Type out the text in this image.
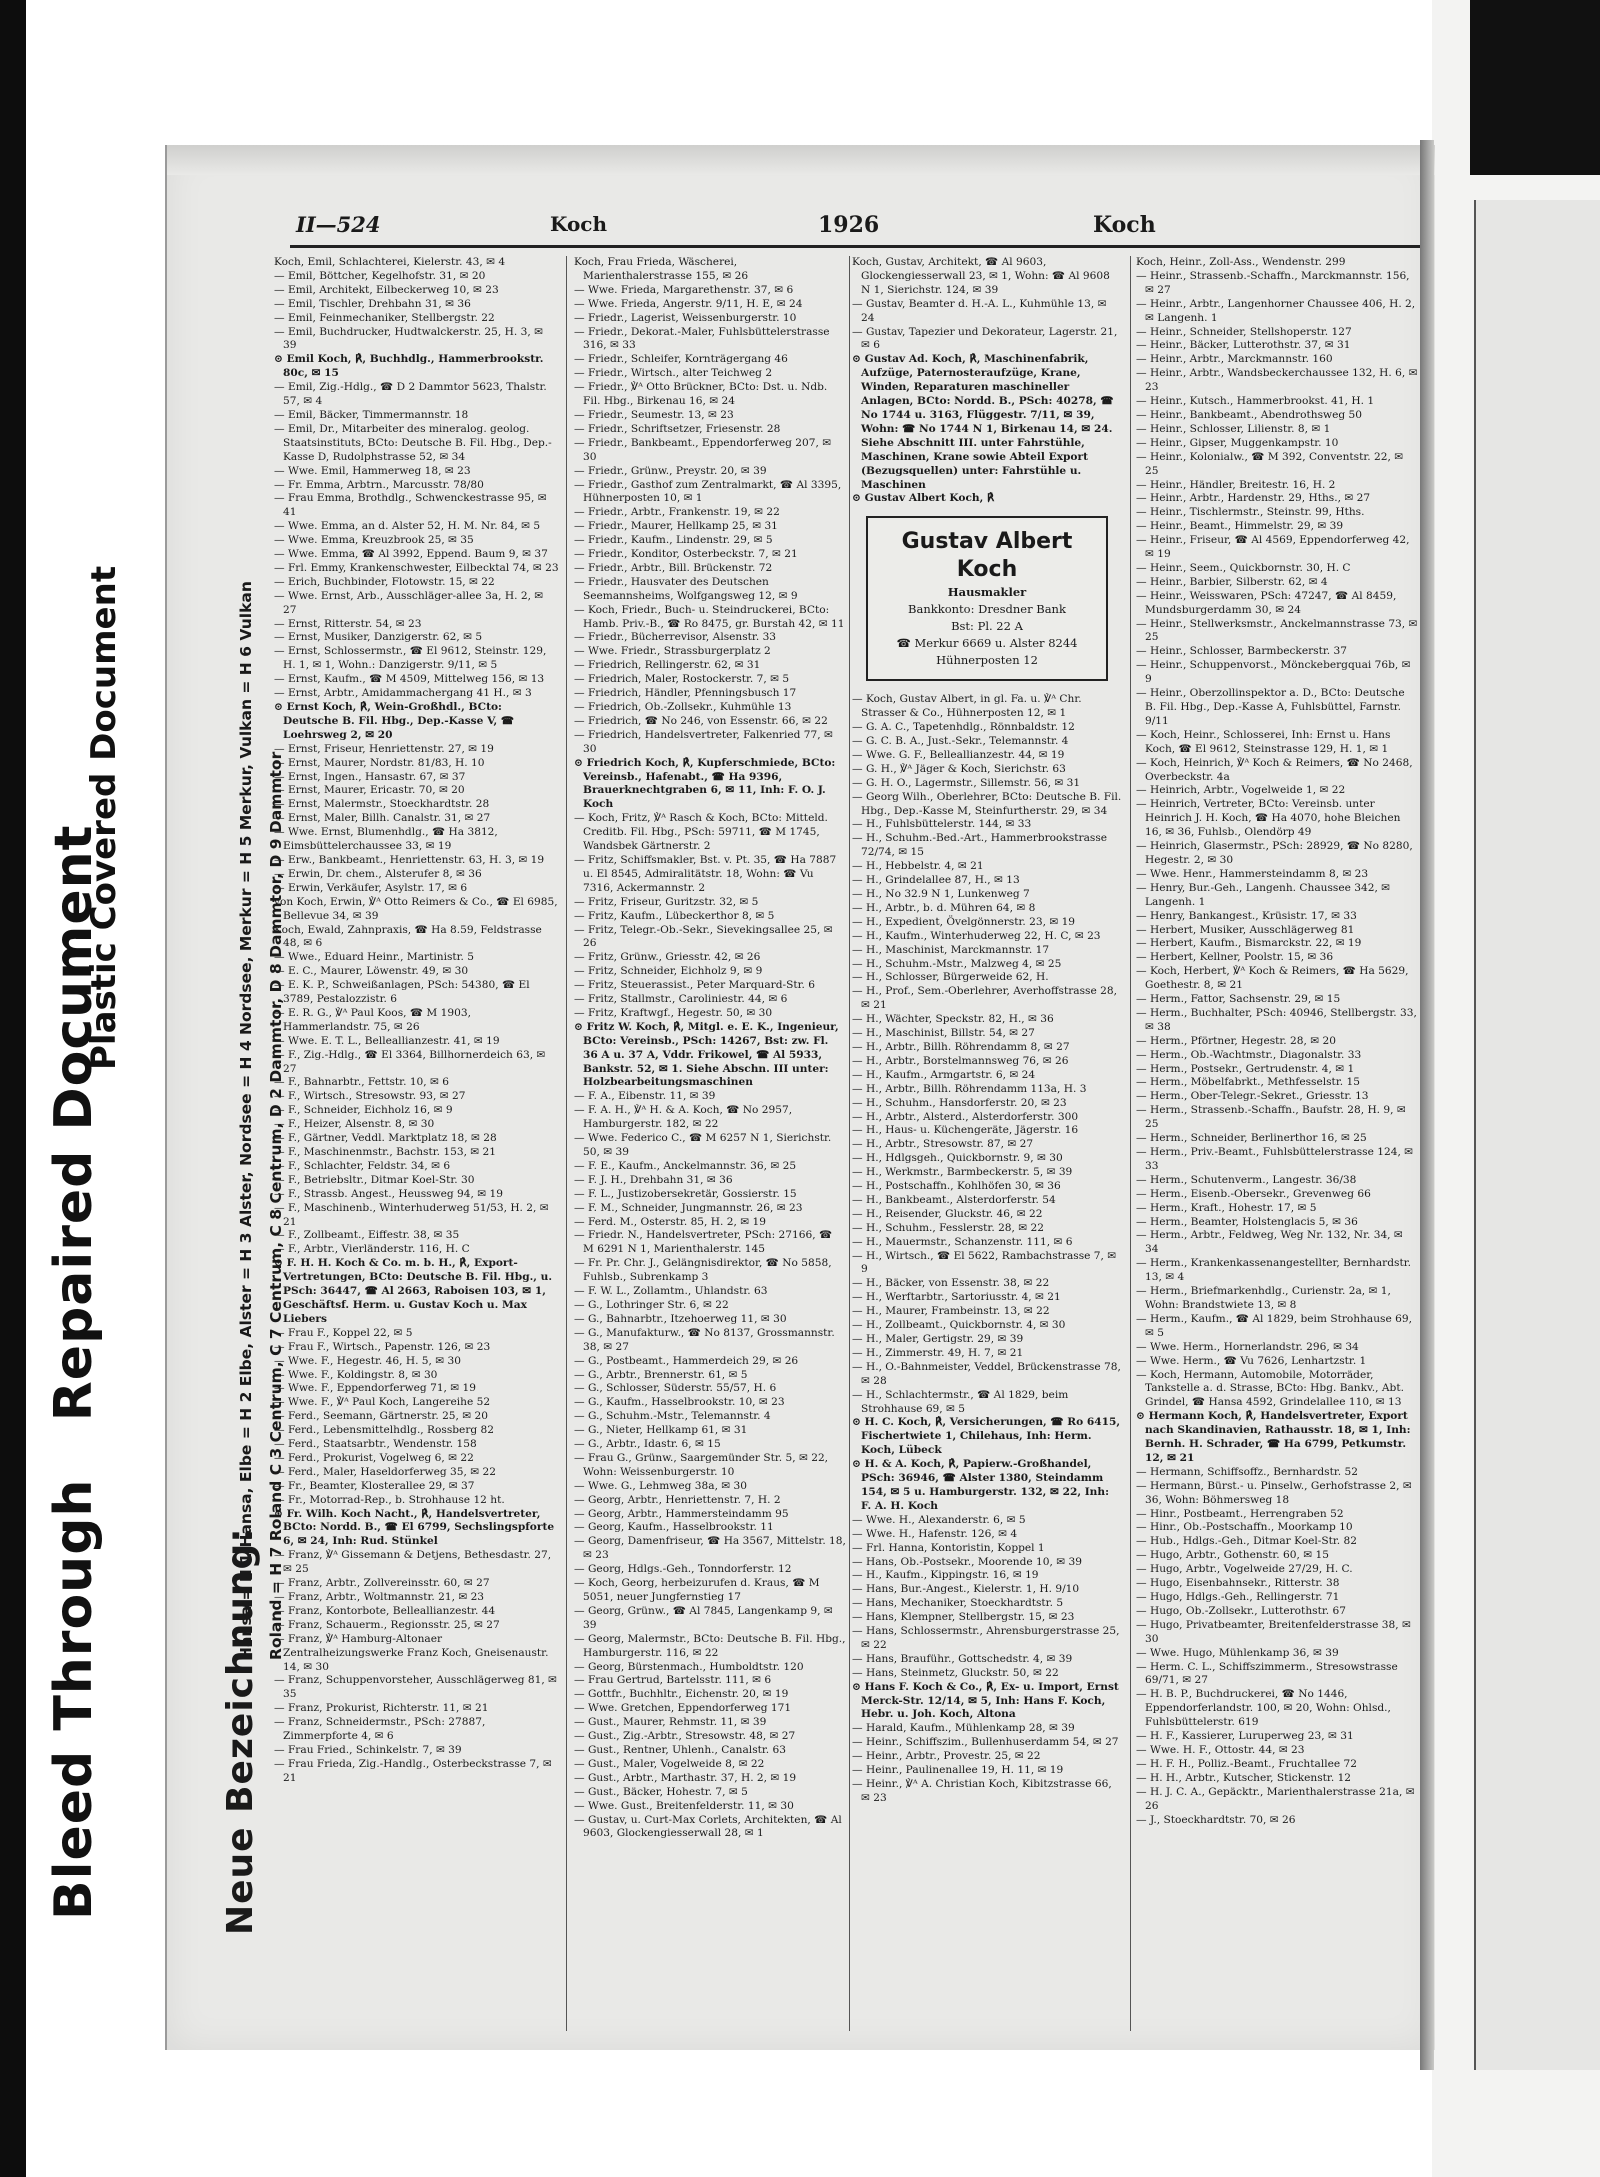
Bleed Through   Repaired Document
Plastic Covered Document
Neue Bezeichnung:
Hansa = H 1 Hansa, Elbe = H 2 Elbe, Alster = H 3 Alster, Nordsee = H 4 Nordsee, Merkur = H 5 Merkur, Vulkan = H 6 Vulkan Roland = H 7 Roland C 3 Centrum, C 7 Centrum, C 8 Centrum, D 2 Dammtor, D 8 Dammtor, D 9 Dammtor
II—524	Koch	1926	Koch

Koch, Emil, Schlachterei, Kielerstr. 43, ✉ 4

— Emil, Böttcher, Kegelhofstr. 31, ✉ 20

— Emil, Architekt, Eilbeckerweg 10, ✉ 23

— Emil, Tischler, Drehbahn 31, ✉ 36

— Emil, Feinmechaniker, Stellbergstr. 22

— Emil, Buchdrucker, Hudtwalckerstr. 25, H. 3, ✉ 39

⊙ Emil Koch, ℟, Buchhdlg., Hammerbrookstr. 80c, ✉ 15

— Emil, Zig.-Hdlg., ☎ D 2 Dammtor 5623, Thalstr. 57, ✉ 4

— Emil, Bäcker, Timmermannstr. 18

— Emil, Dr., Mitarbeiter des mineralog. geolog. Staatsinstituts, BCto: Deutsche B. Fil. Hbg., Dep.-Kasse D, Rudolphstrasse 52, ✉ 34

— Wwe. Emil, Hammerweg 18, ✉ 23

— Fr. Emma, Arbtrn., Marcusstr. 78/80

— Frau Emma, Brothdlg., Schwenckestrasse 95, ✉ 41

— Wwe. Emma, an d. Alster 52, H. M. Nr. 84, ✉ 5

— Wwe. Emma, Kreuzbrook 25, ✉ 35

— Wwe. Emma, ☎ Al 3992, Eppend. Baum 9, ✉ 37

— Frl. Emmy, Krankenschwester, Eilbecktal 74, ✉ 23

— Erich, Buchbinder, Flotowstr. 15, ✉ 22

— Wwe. Ernst, Arb., Ausschläger-allee 3a, H. 2, ✉ 27

— Ernst, Ritterstr. 54, ✉ 23

— Ernst, Musiker, Danzigerstr. 62, ✉ 5

— Ernst, Schlossermstr., ☎ El 9612, Steinstr. 129, H. 1, ✉ 1, Wohn.: Danzigerstr. 9/11, ✉ 5

— Ernst, Kaufm., ☎ M 4509, Mittelweg 156, ✉ 13

— Ernst, Arbtr., Amidammachergang 41 H., ✉ 3

⊙ Ernst Koch, ℟, Wein-Großhdl., BCto: Deutsche B. Fil. Hbg., Dep.-Kasse V, ☎ Loehrsweg 2, ✉ 20

— Ernst, Friseur, Henriettenstr. 27, ✉ 19

— Ernst, Maurer, Nordstr. 81/83, H. 10

— Ernst, Ingen., Hansastr. 67, ✉ 37

— Ernst, Maurer, Ericastr. 70, ✉ 20

— Ernst, Malermstr., Stoeckhardtstr. 28

— Ernst, Maler, Billh. Canalstr. 31, ✉ 27

— Wwe. Ernst, Blumenhdlg., ☎ Ha 3812, Eimsbüttelerchaussee 33, ✉ 19

— Erw., Bankbeamt., Henriettenstr. 63, H. 3, ✉ 19

— Erwin, Dr. chem., Alsterufer 8, ✉ 36

— Erwin, Verkäufer, Asylstr. 17, ✉ 6

von Koch, Erwin, ℣ᴬ Otto Reimers & Co., ☎ El 6985, Bellevue 34, ✉ 39

Koch, Ewald, Zahnpraxis, ☎ Ha 8.59, Feldstrasse 48, ✉ 6

— Wwe., Eduard Heinr., Martinistr. 5

— E. C., Maurer, Löwenstr. 49, ✉ 30

— E. K. P., Schweißanlagen, PSch: 54380, ☎ El 3789, Pestalozzistr. 6

— E. R. G., ℣ᴬ Paul Koos, ☎ M 1903, Hammerlandstr. 75, ✉ 26

— Wwe. E. T. L., Belleallianzestr. 41, ✉ 19

— F., Zig.-Hdlg., ☎ El 3364, Billhornerdeich 63, ✉ 27

— F., Bahnarbtr., Fettstr. 10, ✉ 6

— F., Wirtsch., Stresowstr. 93, ✉ 27

— F., Schneider, Eichholz 16, ✉ 9

— F., Heizer, Alsenstr. 8, ✉ 30

— F., Gärtner, Veddl. Marktplatz 18, ✉ 28

— F., Maschinenmstr., Bachstr. 153, ✉ 21

— F., Schlachter, Feldstr. 34, ✉ 6

— F., Betriebsltr., Ditmar Koel-Str. 30

— F., Strassb. Angest., Heussweg 94, ✉ 19

— F., Maschinenb., Winterhuderweg 51/53, H. 2, ✉ 21

— F., Zollbeamt., Eiffestr. 38, ✉ 35

— F., Arbtr., Vierländerstr. 116, H. C

⊙ F. H. H. Koch & Co. m. b. H., ℟, Export-Vertretungen, BCto: Deutsche B. Fil. Hbg., u. PSch: 36447, ☎ Al 2663, Raboisen 103, ✉ 1, Geschäftsf. Herm. u. Gustav Koch u. Max Liebers

— Frau F., Koppel 22, ✉ 5

— Frau F., Wirtsch., Papenstr. 126, ✉ 23

— Wwe. F., Hegestr. 46, H. 5, ✉ 30

— Wwe. F., Koldingstr. 8, ✉ 30

— Wwe. F., Eppendorferweg 71, ✉ 19

— Wwe. F., ℣ᴬ Paul Koch, Langereihe 52

— Ferd., Seemann, Gärtnerstr. 25, ✉ 20

— Ferd., Lebensmittelhdlg., Rossberg 82

— Ferd., Staatsarbtr., Wendenstr. 158

— Ferd., Prokurist, Vogelweg 6, ✉ 22

— Ferd., Maler, Haseldorferweg 35, ✉ 22

— Fr., Beamter, Klosterallee 29, ✉ 37

— Fr., Motorrad-Rep., b. Strohhause 12 ht.

⊙ Fr. Wilh. Koch Nacht., ℟, Handelsvertreter, BCto: Nordd. B., ☎ El 6799, Sechslingspforte 6, ✉ 24, Inh: Rud. Stünkel

— Franz, ℣ᴬ Gissemann & Detjens, Bethesdastr. 27, ✉ 25

— Franz, Arbtr., Zollvereinsstr. 60, ✉ 27

— Franz, Arbtr., Woltmannstr. 21, ✉ 23

— Franz, Kontorbote, Belleallianzestr. 44

— Franz, Schauerm., Regionsstr. 25, ✉ 27

— Franz, ℣ᴬ Hamburg-Altonaer Zentralheizungswerke Franz Koch, Gneisenaustr. 14, ✉ 30

— Franz, Schuppenvorsteher, Ausschlägerweg 81, ✉ 35

— Franz, Prokurist, Richterstr. 11, ✉ 21

— Franz, Schneidermstr., PSch: 27887, Zimmerpforte 4, ✉ 6

— Frau Fried., Schinkelstr. 7, ✉ 39

— Frau Frieda, Zig.-Handlg., Osterbeckstrasse 7, ✉ 21

Koch, Frau Frieda, Wäscherei, Marienthalerstrasse 155, ✉ 26

— Wwe. Frieda, Margarethenstr. 37, ✉ 6

— Wwe. Frieda, Angerstr. 9/11, H. E, ✉ 24

— Friedr., Lagerist, Weissenburgerstr. 10

— Friedr., Dekorat.-Maler, Fuhlsbüttelerstrasse 316, ✉ 33

— Friedr., Schleifer, Kornträgergang 46

— Friedr., Wirtsch., alter Teichweg 2

— Friedr., ℣ᴬ Otto Brückner, BCto: Dst. u. Ndb. Fil. Hbg., Birkenau 16, ✉ 24

— Friedr., Seumestr. 13, ✉ 23

— Friedr., Schriftsetzer, Friesenstr. 28

— Friedr., Bankbeamt., Eppendorferweg 207, ✉ 30

— Friedr., Grünw., Preystr. 20, ✉ 39

— Friedr., Gasthof zum Zentralmarkt, ☎ Al 3395, Hühnerposten 10, ✉ 1

— Friedr., Arbtr., Frankenstr. 19, ✉ 22

— Friedr., Maurer, Hellkamp 25, ✉ 31

— Friedr., Kaufm., Lindenstr. 29, ✉ 5

— Friedr., Konditor, Osterbeckstr. 7, ✉ 21

— Friedr., Arbtr., Bill. Brückenstr. 72

— Friedr., Hausvater des Deutschen Seemannsheims, Wolfgangsweg 12, ✉ 9

— Koch, Friedr., Buch- u. Steindruckerei, BCto: Hamb. Priv.-B., ☎ Ro 8475, gr. Burstah 42, ✉ 11

— Friedr., Bücherrevisor, Alsenstr. 33

— Wwe. Friedr., Strassburgerplatz 2

— Friedrich, Rellingerstr. 62, ✉ 31

— Friedrich, Maler, Rostockerstr. 7, ✉ 5

— Friedrich, Händler, Pfenningsbusch 17

— Friedrich, Ob.-Zollsekr., Kuhmühle 13

— Friedrich, ☎ No 246, von Essenstr. 66, ✉ 22

— Friedrich, Handelsvertreter, Falkenried 77, ✉ 30

⊙ Friedrich Koch, ℟, Kupferschmiede, BCto: Vereinsb., Hafenabt., ☎ Ha 9396, Brauerknechtgraben 6, ✉ 11, Inh: F. O. J. Koch

— Koch, Fritz, ℣ᴬ Rasch & Koch, BCto: Mitteld. Creditb. Fil. Hbg., PSch: 59711, ☎ M 1745, Wandsbek Gärtnerstr. 2

— Fritz, Schiffsmakler, Bst. v. Pt. 35, ☎ Ha 7887 u. El 8545, Admiralitätstr. 18, Wohn: ☎ Vu 7316, Ackermannstr. 2

— Fritz, Friseur, Guritzstr. 32, ✉ 5

— Fritz, Kaufm., Lübeckerthor 8, ✉ 5

— Fritz, Telegr.-Ob.-Sekr., Sievekingsallee 25, ✉ 26

— Fritz, Grünw., Griesstr. 42, ✉ 26

— Fritz, Schneider, Eichholz 9, ✉ 9

— Fritz, Steuerassist., Peter Marquard-Str. 6

— Fritz, Stallmstr., Caroliniestr. 44, ✉ 6

— Fritz, Kraftwgf., Hegestr. 50, ✉ 30

⊙ Fritz W. Koch, ℟, Mitgl. e. E. K., Ingenieur, BCto: Vereinsb., PSch: 14267, Bst: zw. Fl. 36 A u. 37 A, Vddr. Frikowel, ☎ Al 5933, Bankstr. 52, ✉ 1. Siehe Abschn. III unter: Holzbearbeitungsmaschinen

— F. A., Eibenstr. 11, ✉ 39

— F. A. H., ℣ᴬ H. & A. Koch, ☎ No 2957, Hamburgerstr. 182, ✉ 22

— Wwe. Federico C., ☎ M 6257 N 1, Sierichstr. 50, ✉ 39

— F. E., Kaufm., Anckelmannstr. 36, ✉ 25

— F. J. H., Drehbahn 31, ✉ 36

— F. L., Justizobersekretär, Gossierstr. 15

— F. M., Schneider, Jungmannstr. 26, ✉ 23

— Ferd. M., Osterstr. 85, H. 2, ✉ 19

— Friedr. N., Handelsvertreter, PSch: 27166, ☎ M 6291 N 1, Marienthalerstr. 145

— Fr. Pr. Chr. J., Gelängnisdirektor, ☎ No 5858, Fuhlsb., Subrenkamp 3

— F. W. L., Zollamtm., Uhlandstr. 63

— G., Lothringer Str. 6, ✉ 22

— G., Bahnarbtr., Itzehoerweg 11, ✉ 30

— G., Manufakturw., ☎ No 8137, Grossmannstr. 38, ✉ 27

— G., Postbeamt., Hammerdeich 29, ✉ 26

— G., Arbtr., Brennerstr. 61, ✉ 5

— G., Schlosser, Süderstr. 55/57, H. 6

— G., Kaufm., Hasselbrookstr. 10, ✉ 23

— G., Schuhm.-Mstr., Telemannstr. 4

— G., Nieter, Hellkamp 61, ✉ 31

— G., Arbtr., Idastr. 6, ✉ 15

— Frau G., Grünw., Saargemünder Str. 5, ✉ 22, Wohn: Weissenburgerstr. 10

— Wwe. G., Lehmweg 38a, ✉ 30

— Georg, Arbtr., Henriettenstr. 7, H. 2

— Georg, Arbtr., Hammersteindamm 95

— Georg, Kaufm., Hasselbrookstr. 11

— Georg, Damenfriseur, ☎ Ha 3567, Mittelstr. 18, ✉ 23

— Georg, Hdlgs.-Geh., Tonndorferstr. 12

— Koch, Georg, herbeizurufen d. Kraus, ☎ M 5051, neuer Jungfernstieg 17

— Georg, Grünw., ☎ Al 7845, Langenkamp 9, ✉ 39

— Georg, Malermstr., BCto: Deutsche B. Fil. Hbg., Hamburgerstr. 116, ✉ 22

— Georg, Bürstenmach., Humboldtstr. 120

— Frau Gertrud, Bartelsstr. 111, ✉ 6

— Gottfr., Buchhltr., Eichenstr. 20, ✉ 19

— Wwe. Gretchen, Eppendorferweg 171

— Gust., Maurer, Rehmstr. 11, ✉ 39

— Gust., Zig.-Arbtr., Stresowstr. 48, ✉ 27

— Gust., Rentner, Uhlenh., Canalstr. 63

— Gust., Maler, Vogelweide 8, ✉ 22

— Gust., Arbtr., Marthastr. 37, H. 2, ✉ 19

— Gust., Bäcker, Hohestr. 7, ✉ 5

— Wwe. Gust., Breitenfelderstr. 11, ✉ 30

— Gustav, u. Curt-Max Corlets, Architekten, ☎ Al 9603, Glockengiesserwall 28, ✉ 1

Koch, Gustav, Architekt, ☎ Al 9603, Glockengiesserwall 23, ✉ 1, Wohn: ☎ Al 9608 N 1, Sierichstr. 124, ✉ 39

— Gustav, Beamter d. H.-A. L., Kuhmühle 13, ✉ 24

— Gustav, Tapezier und Dekorateur, Lagerstr. 21, ✉ 6

⊙ Gustav Ad. Koch, ℟, Maschinenfabrik, Aufzüge, Paternosteraufzüge, Krane, Winden, Reparaturen maschineller Anlagen, BCto: Nordd. B., PSch: 40278, ☎ No 1744 u. 3163, Flüggestr. 7/11, ✉ 39, Wohn: ☎ No 1744 N 1, Birkenau 14, ✉ 24. Siehe Abschnitt III. unter Fahrstühle, Maschinen, Krane sowie Abteil Export (Bezugsquellen) unter: Fahrstühle u. Maschinen

⊙ Gustav Albert Koch, ℟

Gustav Albert Koch
Hausmakler
Bankkonto: Dresdner Bank
Bst: Pl. 22 A
☎ Merkur 6669 u. Alster 8244
Hühnerposten 12

— Koch, Gustav Albert, in gl. Fa. u. ℣ᴬ Chr. Strasser & Co., Hühnerposten 12, ✉ 1

— G. A. C., Tapetenhdlg., Rönnbaldstr. 12

— G. C. B. A., Just.-Sekr., Telemannstr. 4

— Wwe. G. F., Belleallianzestr. 44, ✉ 19

— G. H., ℣ᴬ Jäger & Koch, Sierichstr. 63

— G. H. O., Lagermstr., Sillemstr. 56, ✉ 31

— Georg Wilh., Oberlehrer, BCto: Deutsche B. Fil. Hbg., Dep.-Kasse M, Steinfurtherstr. 29, ✉ 34

— H., Fuhlsbüttelerstr. 144, ✉ 33

— H., Schuhm.-Bed.-Art., Hammerbrookstrasse 72/74, ✉ 15

— H., Hebbelstr. 4, ✉ 21

— H., Grindelallee 87, H., ✉ 13

— H., No 32.9 N 1, Lunkenweg 7

— H., Arbtr., b. d. Mühren 64, ✉ 8

— H., Expedient, Övelgönnerstr. 23, ✉ 19

— H., Kaufm., Winterhuderweg 22, H. C, ✉ 23

— H., Maschinist, Marckmannstr. 17

— H., Schuhm.-Mstr., Malzweg 4, ✉ 25

— H., Schlosser, Bürgerweide 62, H.

— H., Prof., Sem.-Oberlehrer, Averhoffstrasse 28, ✉ 21

— H., Wächter, Speckstr. 82, H., ✉ 36

— H., Maschinist, Billstr. 54, ✉ 27

— H., Arbtr., Billh. Röhrendamm 8, ✉ 27

— H., Arbtr., Borstelmannsweg 76, ✉ 26

— H., Kaufm., Armgartstr. 6, ✉ 24

— H., Arbtr., Billh. Röhrendamm 113a, H. 3

— H., Schuhm., Hansdorferstr. 20, ✉ 23

— H., Arbtr., Alsterd., Alsterdorferstr. 300

— H., Haus- u. Küchengeräte, Jägerstr. 16

— H., Arbtr., Stresowstr. 87, ✉ 27

— H., Hdlgsgeh., Quickbornstr. 9, ✉ 30

— H., Werkmstr., Barmbeckerstr. 5, ✉ 39

— H., Postschaffn., Kohlhöfen 30, ✉ 36

— H., Bankbeamt., Alsterdorferstr. 54

— H., Reisender, Gluckstr. 46, ✉ 22

— H., Schuhm., Fesslerstr. 28, ✉ 22

— H., Mauermstr., Schanzenstr. 111, ✉ 6

— H., Wirtsch., ☎ El 5622, Rambachstrasse 7, ✉ 9

— H., Bäcker, von Essenstr. 38, ✉ 22

— H., Werftarbtr., Sartoriusstr. 4, ✉ 21

— H., Maurer, Frambeinstr. 13, ✉ 22

— H., Zollbeamt., Quickbornstr. 4, ✉ 30

— H., Maler, Gertigstr. 29, ✉ 39

— H., Zimmerstr. 49, H. 7, ✉ 21

— H., O.-Bahnmeister, Veddel, Brückenstrasse 78, ✉ 28

— H., Schlachtermstr., ☎ Al 1829, beim Strohhause 69, ✉ 5

⊙ H. C. Koch, ℟, Versicherungen, ☎ Ro 6415, Fischertwiete 1, Chilehaus, Inh: Herm. Koch, Lübeck

⊙ H. & A. Koch, ℟, Papierw.-Großhandel, PSch: 36946, ☎ Alster 1380, Steindamm 154, ✉ 5 u. Hamburgerstr. 132, ✉ 22, Inh: F. A. H. Koch

— Wwe. H., Alexanderstr. 6, ✉ 5

— Wwe. H., Hafenstr. 126, ✉ 4

— Frl. Hanna, Kontoristin, Koppel 1

— Hans, Ob.-Postsekr., Moorende 10, ✉ 39

— H., Kaufm., Kippingstr. 16, ✉ 19

— Hans, Bur.-Angest., Kielerstr. 1, H. 9/10

— Hans, Mechaniker, Stoeckhardtstr. 5

— Hans, Klempner, Stellbergstr. 15, ✉ 23

— Hans, Schlossermstr., Ahrensburgerstrasse 25, ✉ 22

— Hans, Brauführ., Gottschedstr. 4, ✉ 39

— Hans, Steinmetz, Gluckstr. 50, ✉ 22

⊙ Hans F. Koch & Co., ℟, Ex- u. Import, Ernst Merck-Str. 12/14, ✉ 5, Inh: Hans F. Koch, Hebr. u. Joh. Koch, Altona

— Harald, Kaufm., Mühlenkamp 28, ✉ 39

— Heinr., Schiffszim., Bullenhuserdamm 54, ✉ 27

— Heinr., Arbtr., Provestr. 25, ✉ 22

— Heinr., Paulinenallee 19, H. 11, ✉ 19

— Heinr., ℣ᴬ A. Christian Koch, Kibitzstrasse 66, ✉ 23

Koch, Heinr., Zoll-Ass., Wendenstr. 299

— Heinr., Strassenb.-Schaffn., Marckmannstr. 156, ✉ 27

— Heinr., Arbtr., Langenhorner Chaussee 406, H. 2, ✉ Langenh. 1

— Heinr., Schneider, Stellshoperstr. 127

— Heinr., Bäcker, Lutterothstr. 37, ✉ 31

— Heinr., Arbtr., Marckmannstr. 160

— Heinr., Arbtr., Wandsbeckerchaussee 132, H. 6, ✉ 23

— Heinr., Kutsch., Hammerbrookst. 41, H. 1

— Heinr., Bankbeamt., Abendrothsweg 50

— Heinr., Schlosser, Lilienstr. 8, ✉ 1

— Heinr., Gipser, Muggenkampstr. 10

— Heinr., Kolonialw., ☎ M 392, Conventstr. 22, ✉ 25

— Heinr., Händler, Breitestr. 16, H. 2

— Heinr., Arbtr., Hardenstr. 29, Hths., ✉ 27

— Heinr., Tischlermstr., Steinstr. 99, Hths.

— Heinr., Beamt., Himmelstr. 29, ✉ 39

— Heinr., Friseur, ☎ Al 4569, Eppendorferweg 42, ✉ 19

— Heinr., Seem., Quickbornstr. 30, H. C

— Heinr., Barbier, Silberstr. 62, ✉ 4

— Heinr., Weisswaren, PSch: 47247, ☎ Al 8459, Mundsburgerdamm 30, ✉ 24

— Heinr., Stellwerksmstr., Anckelmannstrasse 73, ✉ 25

— Heinr., Schlosser, Barmbeckerstr. 37

— Heinr., Schuppenvorst., Mönckebergquai 76b, ✉ 9

— Heinr., Oberzollinspektor a. D., BCto: Deutsche B. Fil. Hbg., Dep.-Kasse A, Fuhlsbüttel, Farnstr. 9/11

— Koch, Heinr., Schlosserei, Inh: Ernst u. Hans Koch, ☎ El 9612, Steinstrasse 129, H. 1, ✉ 1

— Koch, Heinrich, ℣ᴬ Koch & Reimers, ☎ No 2468, Overbeckstr. 4a

— Heinrich, Arbtr., Vogelweide 1, ✉ 22

— Heinrich, Vertreter, BCto: Vereinsb. unter Heinrich J. H. Koch, ☎ Ha 4070, hohe Bleichen 16, ✉ 36, Fuhlsb., Olendörp 49

— Heinrich, Glasermstr., PSch: 28929, ☎ No 8280, Hegestr. 2, ✉ 30

— Wwe. Henr., Hammersteindamm 8, ✉ 23

— Henry, Bur.-Geh., Langenh. Chaussee 342, ✉ Langenh. 1

— Henry, Bankangest., Krüsistr. 17, ✉ 33

— Herbert, Musiker, Ausschlägerweg 81

— Herbert, Kaufm., Bismarckstr. 22, ✉ 19

— Herbert, Kellner, Poolstr. 15, ✉ 36

— Koch, Herbert, ℣ᴬ Koch & Reimers, ☎ Ha 5629, Goethestr. 8, ✉ 21

— Herm., Fattor, Sachsenstr. 29, ✉ 15

— Herm., Buchhalter, PSch: 40946, Stellbergstr. 33, ✉ 38

— Herm., Pförtner, Hegestr. 28, ✉ 20

— Herm., Ob.-Wachtmstr., Diagonalstr. 33

— Herm., Postsekr., Gertrudenstr. 4, ✉ 1

— Herm., Möbelfabrkt., Methfesselstr. 15

— Herm., Ober-Telegr.-Sekret., Griesstr. 13

— Herm., Strassenb.-Schaffn., Baufstr. 28, H. 9, ✉ 25

— Herm., Schneider, Berlinerthor 16, ✉ 25

— Herm., Priv.-Beamt., Fuhlsbüttelerstrasse 124, ✉ 33

— Herm., Schutenverm., Langestr. 36/38

— Herm., Eisenb.-Obersekr., Grevenweg 66

— Herm., Kraft., Hohestr. 17, ✉ 5

— Herm., Beamter, Holstenglacis 5, ✉ 36

— Herm., Arbtr., Feldweg, Weg Nr. 132, Nr. 34, ✉ 34

— Herm., Krankenkassenangestellter, Bernhardstr. 13, ✉ 4

— Herm., Briefmarkenhdlg., Curienstr. 2a, ✉ 1, Wohn: Brandstwiete 13, ✉ 8

— Herm., Kaufm., ☎ Al 1829, beim Strohhause 69, ✉ 5

— Wwe. Herm., Hornerlandstr. 296, ✉ 34

— Wwe. Herm., ☎ Vu 7626, Lenhartzstr. 1

— Koch, Hermann, Automobile, Motorräder, Tankstelle a. d. Strasse, BCto: Hbg. Bankv., Abt. Grindel, ☎ Hansa 4592, Grindelallee 110, ✉ 13

⊙ Hermann Koch, ℟, Handelsvertreter, Export nach Skandinavien, Rathausstr. 18, ✉ 1, Inh: Bernh. H. Schrader, ☎ Ha 6799, Petkumstr. 12, ✉ 21

— Hermann, Schiffsoffz., Bernhardstr. 52

— Hermann, Bürst.- u. Pinselw., Gerhofstrasse 2, ✉ 36, Wohn: Böhmersweg 18

— Hinr., Postbeamt., Herrengraben 52

— Hinr., Ob.-Postschaffn., Moorkamp 10

— Hub., Hdlgs.-Geh., Ditmar Koel-Str. 82

— Hugo, Arbtr., Gothenstr. 60, ✉ 15

— Hugo, Arbtr., Vogelweide 27/29, H. C.

— Hugo, Eisenbahnsekr., Ritterstr. 38

— Hugo, Hdlgs.-Geh., Rellingerstr. 71

— Hugo, Ob.-Zollsekr., Lutterothstr. 67

— Hugo, Privatbeamter, Breitenfelderstrasse 38, ✉ 30

— Wwe. Hugo, Mühlenkamp 36, ✉ 39

— Herm. C. L., Schiffszimmerm., Stresowstrasse 69/71, ✉ 27

— H. B. P., Buchdruckerei, ☎ No 1446, Eppendorferlandstr. 100, ✉ 20, Wohn: Ohlsd., Fuhlsbüttelerstr. 619

— H. F., Kassierer, Luruperweg 23, ✉ 31

— Wwe. H. F., Ottostr. 44, ✉ 23

— H. F. H., Polliz.-Beamt., Fruchtallee 72

— H. H., Arbtr., Kutscher, Stickenstr. 12

— H. J. C. A., Gepäcktr., Marienthalerstrasse 21a, ✉ 26

— J., Stoeckhardtstr. 70, ✉ 26
